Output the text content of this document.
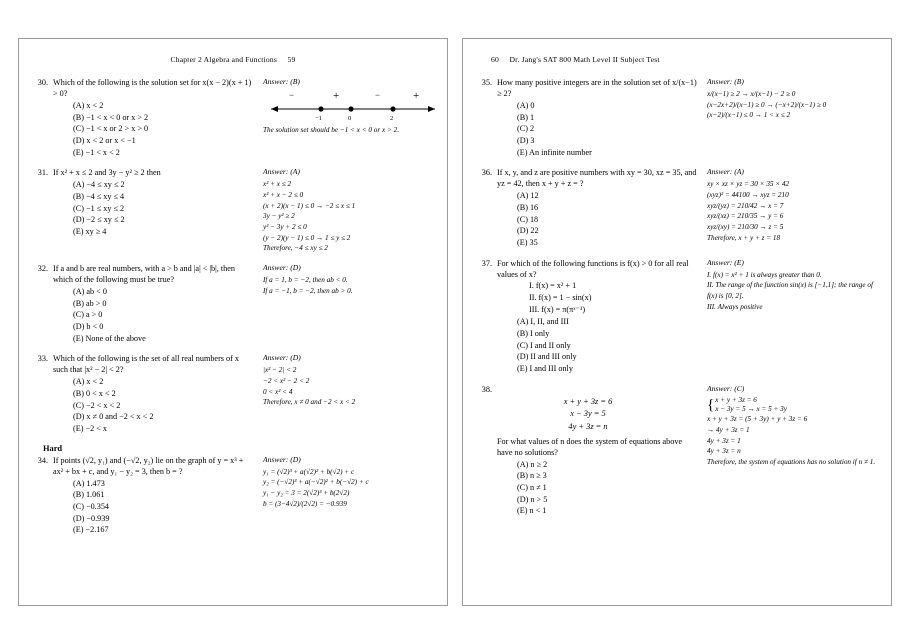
Chapter 2 Algebra and Functions 59
30. Which of the following is the solution set for x(x − 2)(x + 1) > 0?
(A) x < 2
(B) −1 < x < 0 or x > 2
(C) −1 < x or 2 > x > 0
(D) x < 2 or x < −1
(E) −1 < x < 2
Answer: (B)
−	+	−	+
−1	0	2
The solution set should be −1 < x < 0 or x > 2.
31. If x² + x ≤ 2 and 3y − y² ≥ 2 then
(A) −4 ≤ xy ≤ 2
(B) −4 ≤ xy ≤ 4
(C) −1 ≤ xy ≤ 2
(D) −2 ≤ xy ≤ 2
(E) xy ≥ 4
Answer: (A)
x² + x ≤ 2
x² + x − 2 ≤ 0
(x + 2)(x − 1) ≤ 0 → −2 ≤ x ≤ 1
3y − y² ≥ 2
y² − 3y + 2 ≤ 0
(y − 2)(y − 1) ≤ 0 → 1 ≤ y ≤ 2
Therefore, −4 ≤ xy ≤ 2
32. If a and b are real numbers, with a > b and |a| < |b|, then which of the following must be true?
(A) ab < 0
(B) ab > 0
(C) a > 0
(D) b < 0
(E) None of the above
Answer: (D)
If a = 1, b = −2, then ab < 0.
If a = −1, b = −2, then ab > 0.
33. Which of the following is the set of all real numbers of x such that |x² − 2| < 2?
(A) x < 2
(B) 0 < x < 2
(C) −2 < x < 2
(D) x ≠ 0 and −2 < x < 2
(E) −2 < x
Answer: (D)
|x² − 2| < 2
−2 < x² − 2 < 2
0 < x² < 4
Therefore, x ≠ 0 and −2 < x < 2
Hard
34. If points (√2, y₁) and (−√2, y₂) lie on the graph of y = x³ + ax² + bx + c, and y₁ − y₂ = 3, then b = ?
(A) 1.473
(B) 1.061
(C) −0.354
(D) −0.939
(E) −2.167
Answer: (D)
y₁ = (√2)³ + a(√2)² + b(√2) + c
y₂ = (−√2)³ + a(−√2)² + b(−√2) + c
y₁ − y₂ = 3 = 2(√2)³ + b(2√2)
b = (3−4√2)/(2√2) = −0.939
60 Dr. Jang's SAT 800 Math Level II Subject Test
35. How many positive integers are in the solution set of x/(x−1) ≥ 2?
(A) 0
(B) 1
(C) 2
(D) 3
(E) An infinite number
Answer: (B)
x/(x−1) ≥ 2 → x/(x−1) − 2 ≥ 0
(x−2x+2)/(x−1) ≥ 0 → (−x+2)/(x−1) ≥ 0
(x−2)/(x−1) ≤ 0 → 1 < x ≤ 2
36. If x, y, and z are positive numbers with xy = 30, xz = 35, and yz = 42, then x + y + z = ?
(A) 12
(B) 16
(C) 18
(D) 22
(E) 35
Answer: (A)
xy × xz × yz = 30 × 35 × 42
(xyz)² = 44100 → xyz = 210
xyz/(yz) = 210/42 → x = 7
xyz/(xz) = 210/35 → y = 6
xyz/(xy) = 210/30 → z = 5
Therefore, x + y + z = 18
37. For which of the following functions is f(x) > 0 for all real values of x?
I. f(x) = x² + 1
II. f(x) = 1 − sin(x)
III. f(x) = π(πˣ⁻¹)
(A) I, II, and III
(B) I only
(C) I and II only
(D) II and III only
(E) I and III only
Answer: (E)
I. f(x) = x² + 1 is always greater than 0.
II. The range of the function sin(x) is [−1,1]; the range of f(x) is [0, 2].
III. Always positive
38.
x + y + 3z = 6
x − 3y = 5
4y + 3z = n
For what values of n does the system of equations above have no solutions?
(A) n ≥ 2
(B) n ≥ 3
(C) n ≠ 1
(D) n > 5
(E) n < 1
Answer: (C)
{ x + y + 3z = 6
x − 3y = 5 → x = 5 + 3y
x + y + 3z = (5 + 3y) + y + 3z = 6
→ 4y + 3z = 1
4y + 3z = 1
4y + 3z = n
Therefore, the system of equations has no solution if n ≠ 1.
